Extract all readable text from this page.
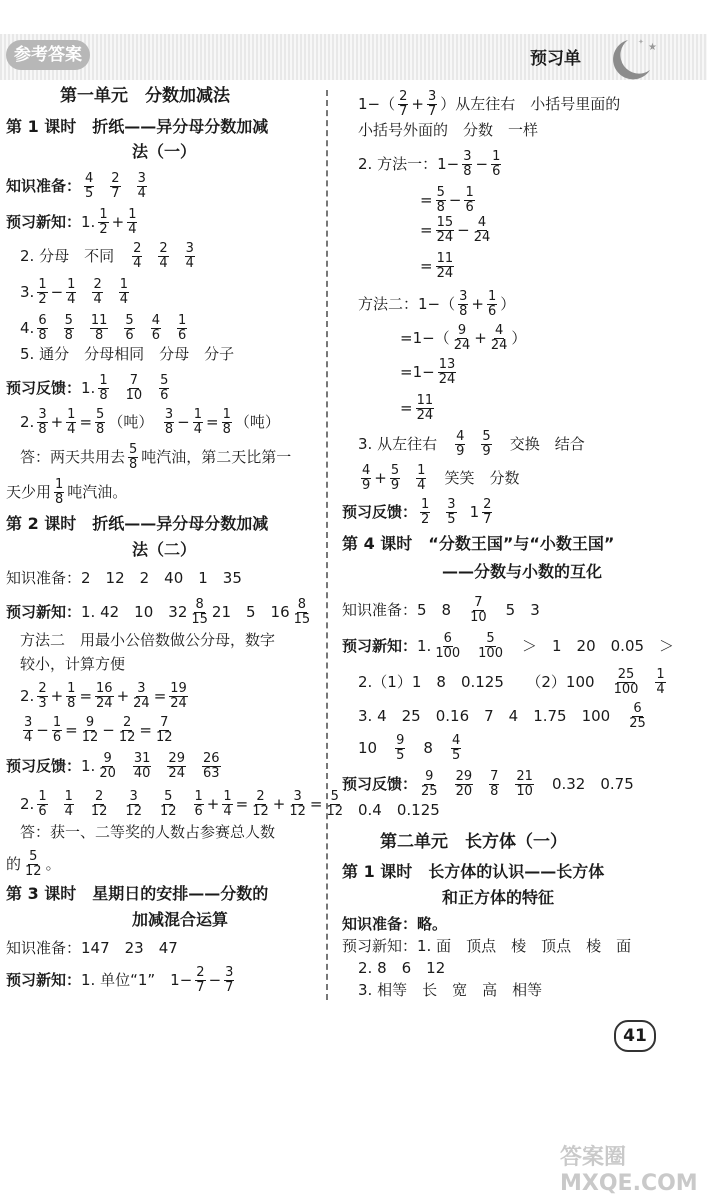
参考答案	预习单
★
✦
第一单元　分数加减法
第 1 课时　 折纸——异分母分数加减
法（一）
知识准备： $\frac{4}{5} \frac{2}{7} \frac{3}{4}$
预习新知：1. $\frac{1}{2} + \frac{1}{4}$
2. 分母　不同　 $\frac{2}{4} \frac{2}{4} \frac{3}{4}$
3. $\frac{1}{2} - \frac{1}{4} \frac{2}{4} \frac{1}{4}$
4. $\frac{6}{8} \frac{5}{8} \frac{11}{8} \frac{5}{6} \frac{4}{6} \frac{1}{6}$
5. 通分　分母相同　分母　分子
预习反馈：1. $\frac{1}{8} \frac{7}{10} \frac{5}{6}$
2. $\frac{3}{8} + \frac{1}{4} = \frac{5}{8}$ （吨）　 $\frac{3}{8} - \frac{1}{4} = \frac{1}{8}$ （吨）
答：两天共用去 $\frac{5}{8}$ 吨汽油，第二天比第一
天少用 $\frac{1}{8}$ 吨汽油。
第 2 课时　 折纸——异分母分数加减
法（二）
知识准备：2　12　2　40　1　35
预习新知：1. 42　10　$32 \frac{8}{15} 21$　5　$16 \frac{8}{15}$
方法二　用最小公倍数做公分母，数字
较小，计算方便
2. $\frac{2}{3} + \frac{1}{8} = \frac{16}{24} + \frac{3}{24} = \frac{19}{24}$
$\frac{3}{4} - \frac{1}{6} = \frac{9}{12} - \frac{2}{12} = \frac{7}{12}$
预习反馈：1. $\frac{9}{20} \frac{31}{40} \frac{29}{24} \frac{26}{63}$
2. $\frac{1}{6} \frac{1}{4} \frac{2}{12} \frac{3}{12} \frac{5}{12} \frac{1}{6} + \frac{1}{4} = \frac{2}{12} + \frac{3}{12} = \frac{5}{12}$
答：获一、二等奖的人数占参赛总人数
的 $\frac{5}{12}$ 。
第 3 课时　 星期日的安排——分数的
加减混合运算
知识准备：147　23　47
预习新知：1. 单位“1”　$1- \frac{2}{7} - \frac{3}{7}$
$1-( \frac{2}{7} + \frac{3}{7}$ ）从左往右　小括号里面的
小括号外面的　分数　一样
2. 方法一：$1- \frac{3}{8} - \frac{1}{6}$
= $\frac{5}{8} - \frac{1}{6}$
= $\frac{15}{24} - \frac{4}{24}$
= $\frac{11}{24}$
方法二：$1-( \frac{3}{8} + \frac{1}{6}$ ）
$=1-( \frac{9}{24} + \frac{4}{24}$ ）
$=1- \frac{13}{24}$
= $\frac{11}{24}$
3. 从左往右　 $\frac{4}{9} \frac{5}{9}$
　 交换　结合
$\frac{4}{9} + \frac{5}{9} \frac{1}{4}$
　 笑笑　分数
预习反馈： $\frac{1}{2} \frac{3}{5} 1 \frac{2}{7}$
第 4 课时　 “分数王国”与“小数王国”
——分数与小数的互化
知识准备：5　8　 $\frac{7}{10}$
　 5　3
预习新知：1. $\frac{6}{100} \frac{5}{100}$
　 ＞　1　20　0.05　＞
2.（1）1　8　0.125　　（2）100　 $\frac{25}{100} \frac{1}{4}$
3. 4　25　0.16　7　4　1.75　100　 $\frac{6}{25}$
10　 $\frac{9}{5}$
　 8　 $\frac{4}{5}$
预习反馈： $\frac{9}{25} \frac{29}{20} \frac{7}{8} \frac{21}{10}$
　 0.32　0.75
0.4　0.125
第二单元　长方体（一）
第 1 课时　 长方体的认识——长方体
和正方体的特征
知识准备：略。
预习新知：1. 面　顶点　棱　顶点　棱　面
2. 8　6　12
3. 相等　长　宽　高　相等
41
答案圈 MXQE.COM
